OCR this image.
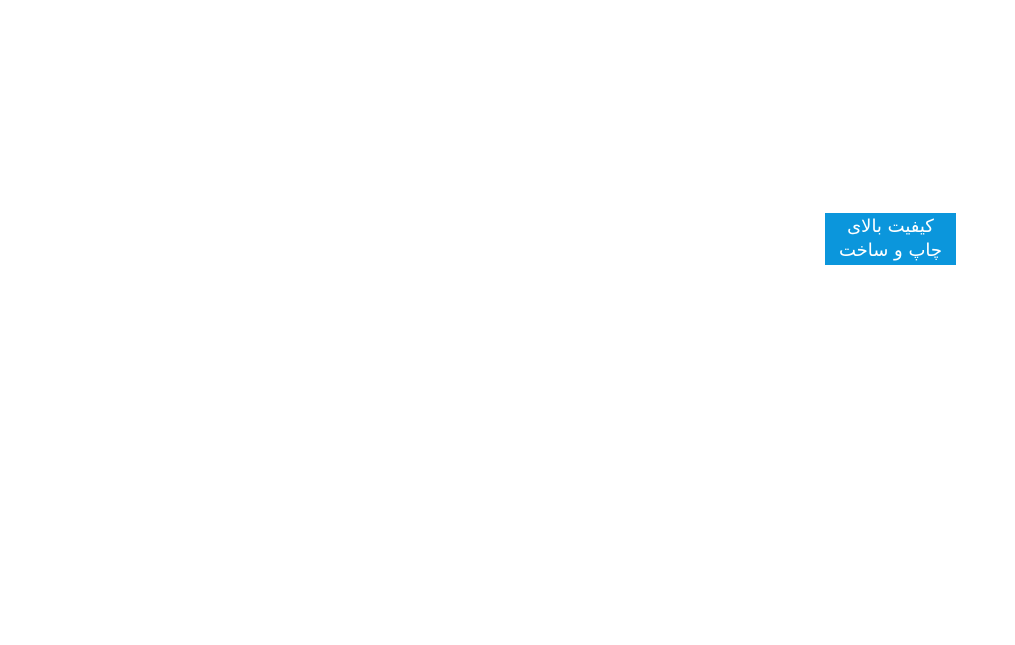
کیفیت بالای
چاپ و ساخت
